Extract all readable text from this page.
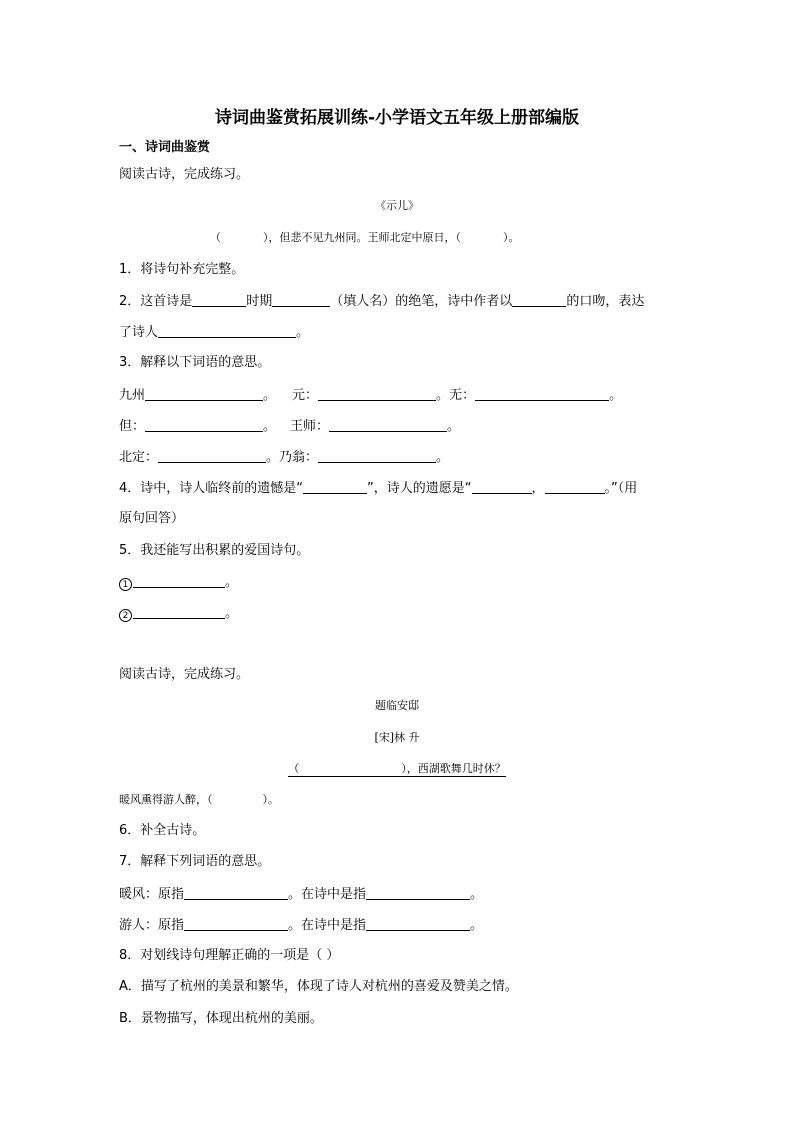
诗词曲鉴赏拓展训练-小学语文五年级上册部编版
一、诗词曲鉴赏
阅读古诗，完成练习。
《示儿》
（	），但悲不见九州同。王师北定中原日，（	）。
1．将诗句补充完整。
2．这首诗是	时期	（填人名）的绝笔，诗中作者以	的口吻，表达
了诗人	。
3．解释以下词语的意思。
九州	。 元：	。无：	。
但：	。 王师：	。
北定：	。乃翁：	。
4．诗中，诗人临终前的遗憾是“	”，诗人的遗愿是“	，	。”（用
原句回答）
5．我还能写出积累的爱国诗句。
1	。
2	。
阅读古诗，完成练习。
题临安邸
[宋]林 升
（	），西湖歌舞几时休？
暖风熏得游人醉，（	）。
6．补全古诗。
7．解释下列词语的意思。
暖风：原指	。在诗中是指	。
游人：原指	。在诗中是指	。
8．对划线诗句理解正确的一项是（ ）
A．描写了杭州的美景和繁华，体现了诗人对杭州的喜爱及赞美之情。
B．景物描写，体现出杭州的美丽。
